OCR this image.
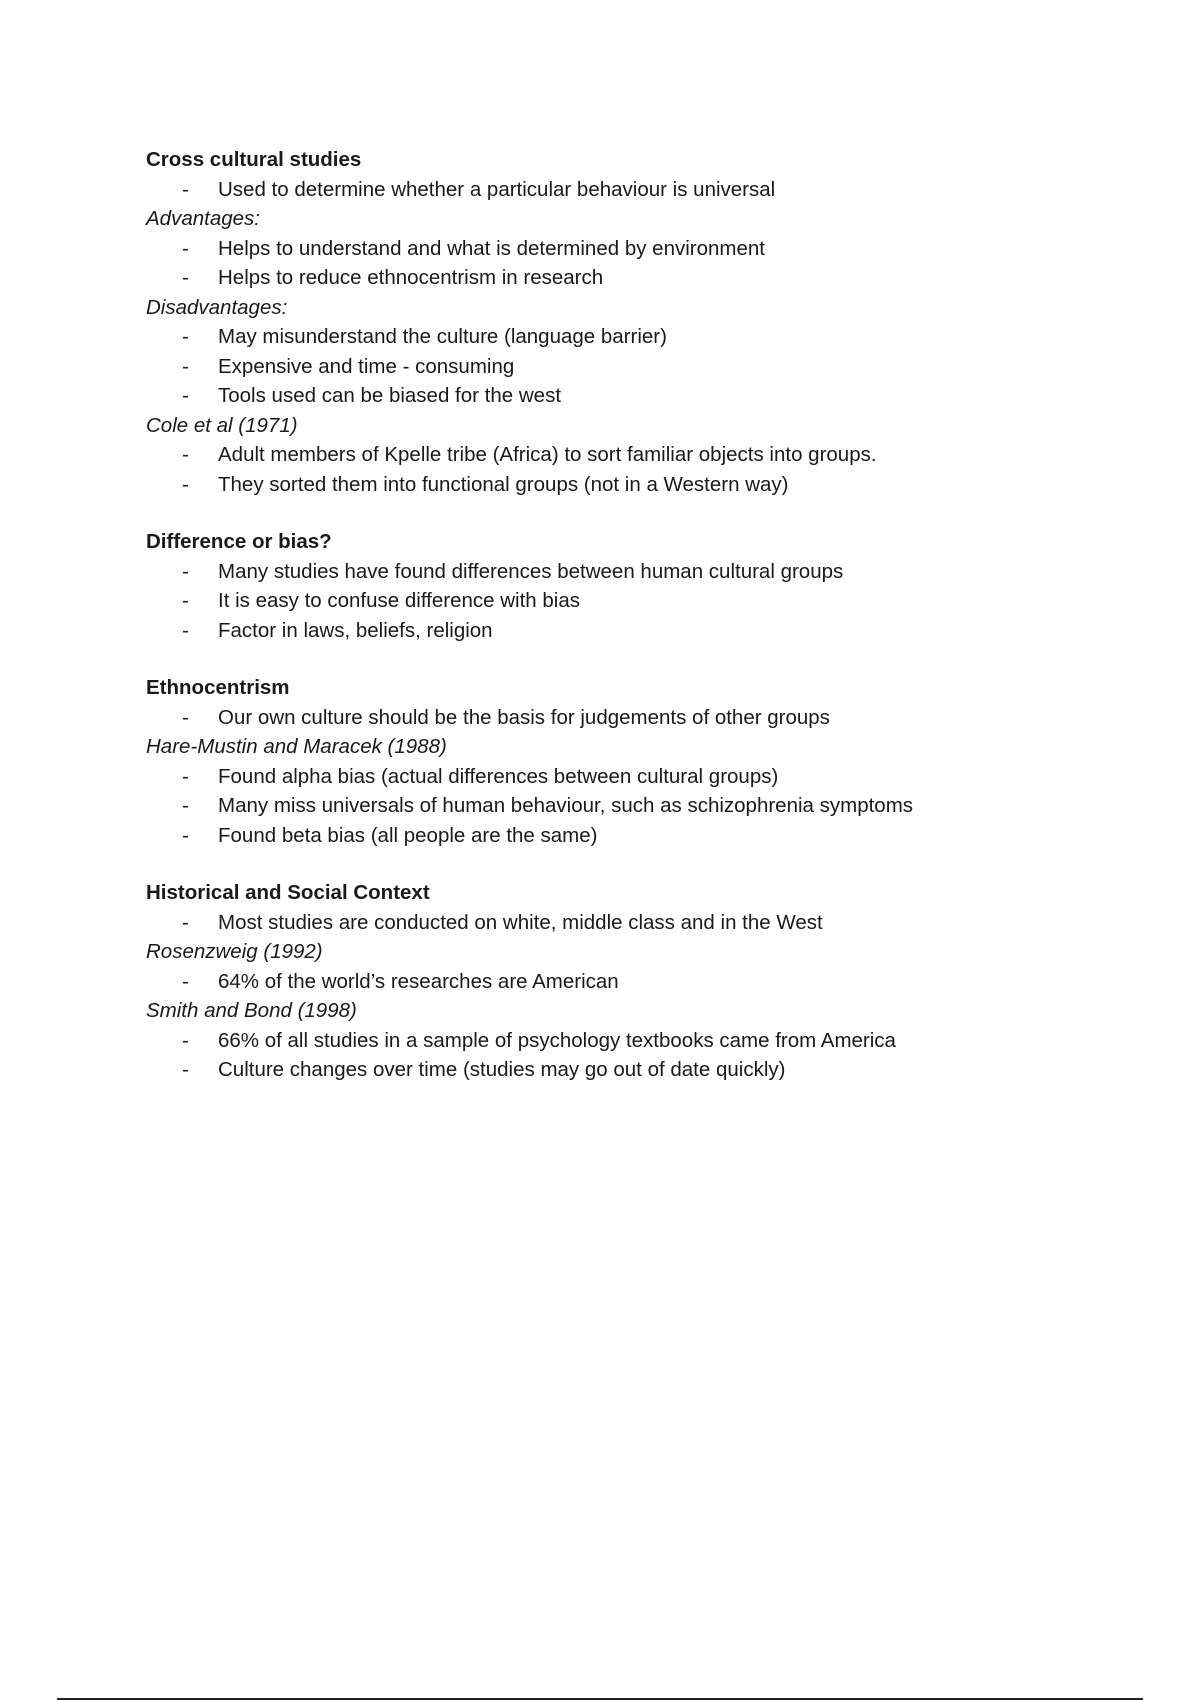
Cross cultural studies
- Used to determine whether a particular behaviour is universal
Advantages:
- Helps to understand and what is determined by environment
- Helps to reduce ethnocentrism in research
Disadvantages:
- May misunderstand the culture (language barrier)
- Expensive and time - consuming
- Tools used can be biased for the west
Cole et al (1971)
- Adult members of Kpelle tribe (Africa) to sort familiar objects into groups.
- They sorted them into functional groups (not in a Western way)
Difference or bias?
- Many studies have found differences between human cultural groups
- It is easy to confuse difference with bias
- Factor in laws, beliefs, religion
Ethnocentrism
- Our own culture should be the basis for judgements of other groups
Hare-Mustin and Maracek (1988)
- Found alpha bias (actual differences between cultural groups)
- Many miss universals of human behaviour, such as schizophrenia symptoms
- Found beta bias (all people are the same)
Historical and Social Context
- Most studies are conducted on white, middle class and in the West
Rosenzweig (1992)
- 64% of the world’s researches are American
Smith and Bond (1998)
- 66% of all studies in a sample of psychology textbooks came from America
- Culture changes over time (studies may go out of date quickly)
